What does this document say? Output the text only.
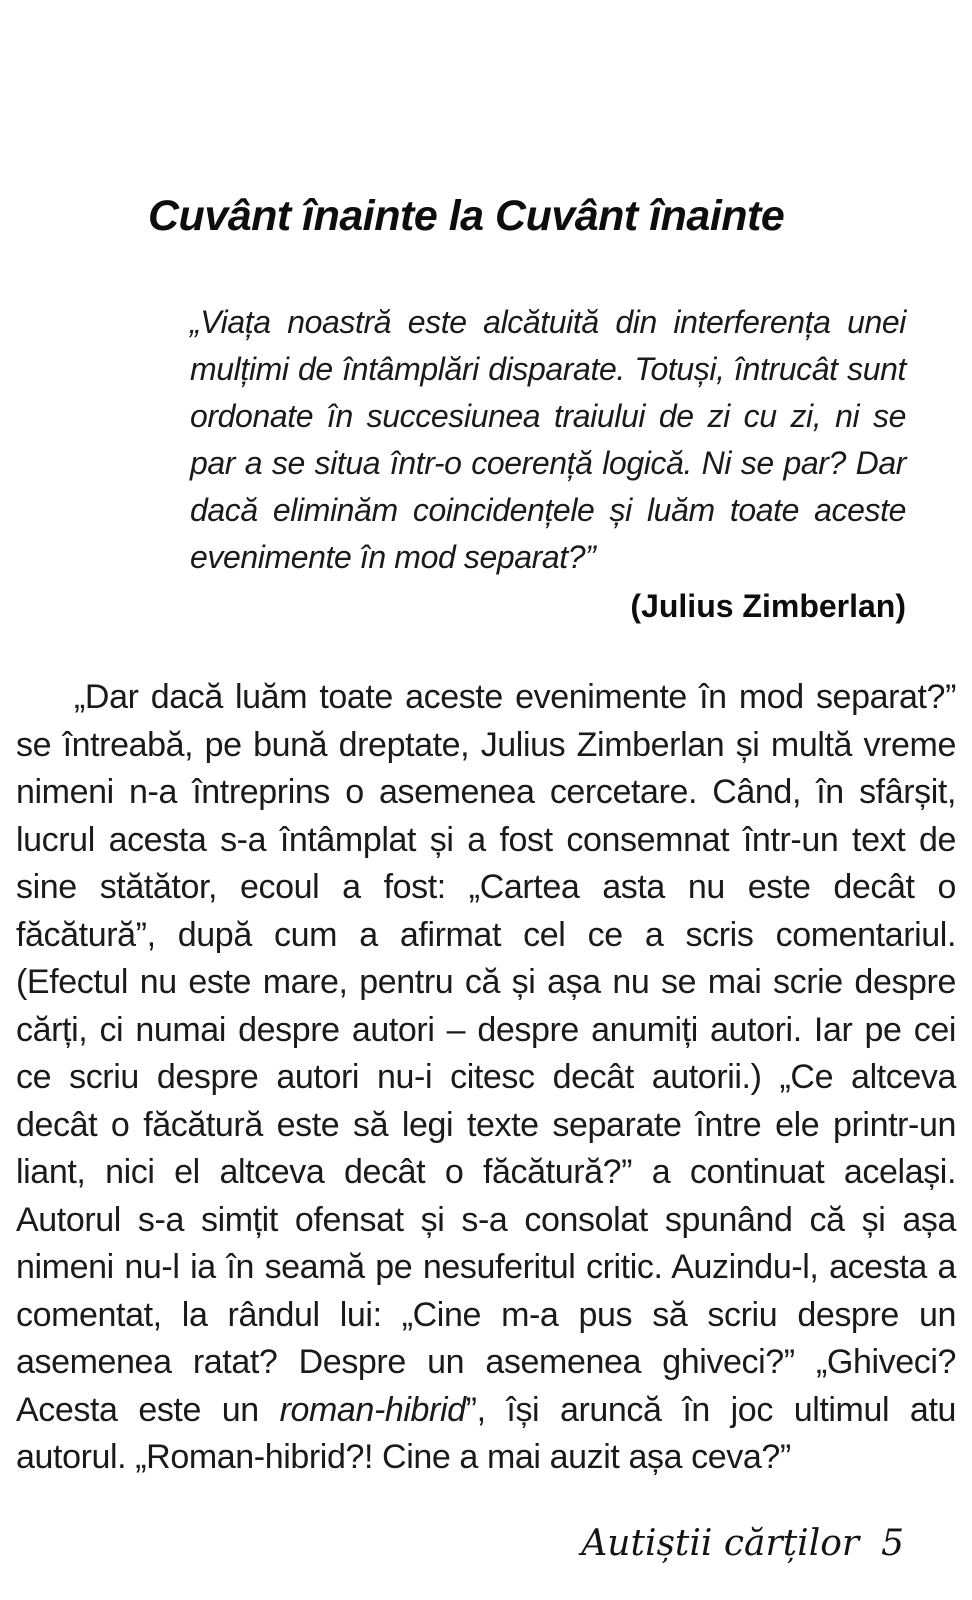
Cuvânt înainte la Cuvânt înainte

„Viața noastră este alcătuită din interferența unei mulțimi de întâmplări disparate. Totuși, întrucât sunt ordonate în succesiunea traiului de zi cu zi, ni se par a se situa într-o coerență logică. Ni se par? Dar dacă eliminăm coincidențele și luăm toate aceste evenimente în mod separat?”

(Julius Zimberlan)

„Dar dacă luăm toate aceste evenimente în mod separat?” se întreabă, pe bună dreptate, Julius Zimberlan și multă vreme nimeni n-a întreprins o asemenea cercetare. Când, în sfârșit, lucrul acesta s-a întâmplat și a fost consemnat într-un text de sine stătător, ecoul a fost: „Cartea asta nu este decât o făcătură”, după cum a afirmat cel ce a scris comentariul. (Efectul nu este mare, pentru că și așa nu se mai scrie despre cărți, ci numai despre autori – despre anumiți autori. Iar pe cei ce scriu despre autori nu-i citesc decât autorii.) „Ce altceva decât o făcătură este să legi texte separate între ele printr-un liant, nici el altceva decât o făcătură?” a continuat același. Autorul s-a simțit ofensat și s-a consolat spunând că și așa nimeni nu-l ia în seamă pe nesuferitul critic. Auzindu-l, acesta a comentat, la rândul lui: „Cine m-a pus să scriu despre un asemenea ratat? Despre un asemenea ghiveci?” „Ghiveci? Acesta este un roman-hibrid”, își aruncă în joc ultimul atu autorul. „Roman-hibrid?! Cine a mai auzit așa ceva?”

Autiștii cărților 5
